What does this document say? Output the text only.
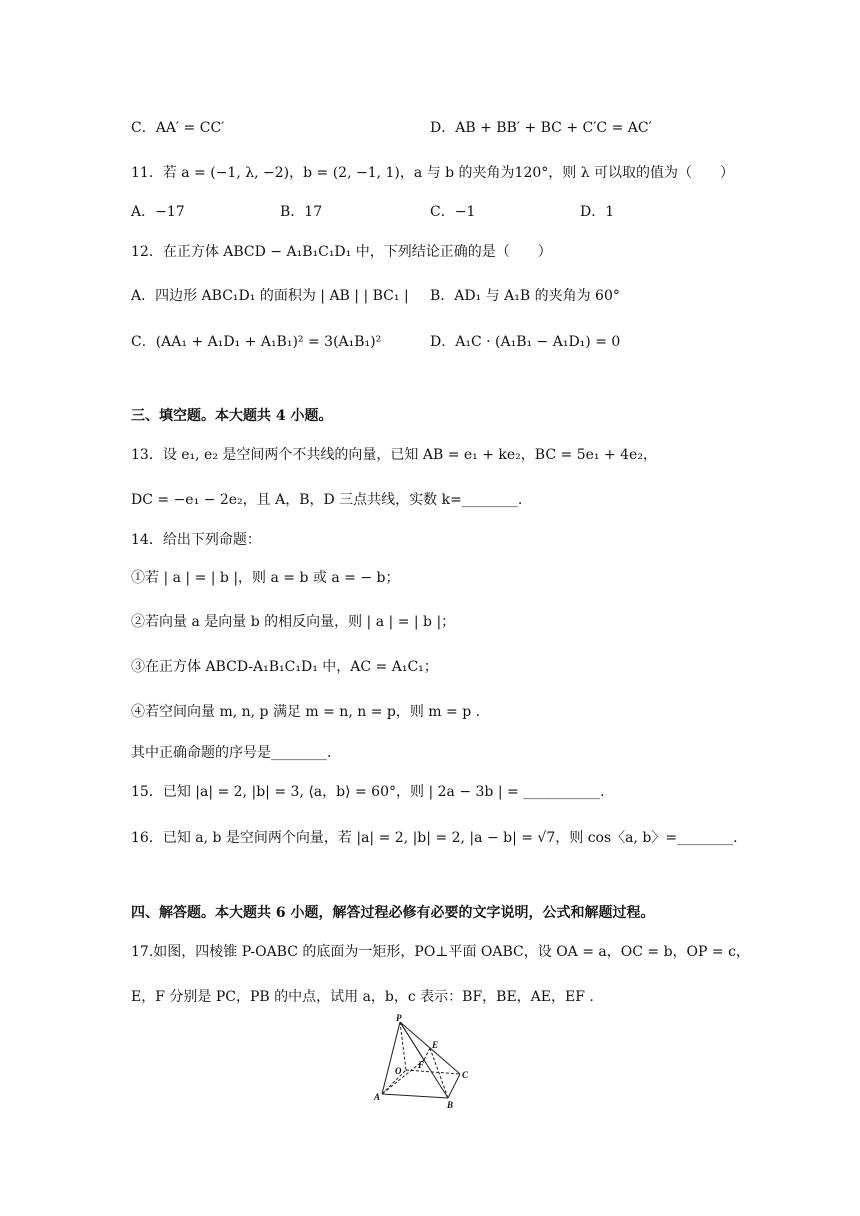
C．AA′ = CC′	D．AB + BB′ + BC + C′C = AC′
11．若 a = (−1, λ, −2)，b = (2, −1, 1)，a 与 b 的夹角为120°，则 λ 可以取的值为（　　）
A．−17	B．17	C．−1	D．1
12．在正方体 ABCD − A₁B₁C₁D₁ 中，下列结论正确的是（　　）
A．四边形 ABC₁D₁ 的面积为 | AB | | BC₁ | B．AD₁ 与 A₁B 的夹角为 60°
C．(AA₁ + A₁D₁ + A₁B₁)² = 3(A₁B₁)²	D．A₁C · (A₁B₁ − A₁D₁) = 0
三、填空题。本大题共 4 小题。
13．设 e₁, e₂ 是空间两个不共线的向量，已知 AB = e₁ + ke₂，BC = 5e₁ + 4e₂，
DC = −e₁ − 2e₂，且 A，B，D 三点共线，实数 k=________.
14．给出下列命题：
①若 | a | = | b |，则 a = b 或 a = − b；
②若向量 a 是向量 b 的相反向量，则 | a | = | b |；
③在正方体 ABCD-A₁B₁C₁D₁ 中，AC = A₁C₁；
④若空间向量 m, n, p 满足 m = n, n = p，则 m = p .
其中正确命题的序号是________.
15．已知 |a| = 2, |b| = 3, ⟨a，b⟩ = 60°，则 | 2a − 3b | = ___________.
16．已知 a, b 是空间两个向量，若 |a| = 2, |b| = 2, |a − b| = √7，则 cos〈a, b〉=________.
四、解答题。本大题共 6 小题，解答过程必修有必要的文字说明，公式和解题过程。
17.如图，四棱锥 P-OABC 的底面为一矩形，PO⊥平面 OABC，设 OA = a，OC = b，OP = c，
E，F 分别是 PC，PB 的中点，试用 a，b，c 表示：BF，BE，AE，EF .
P
E
O
F
C
A
B
